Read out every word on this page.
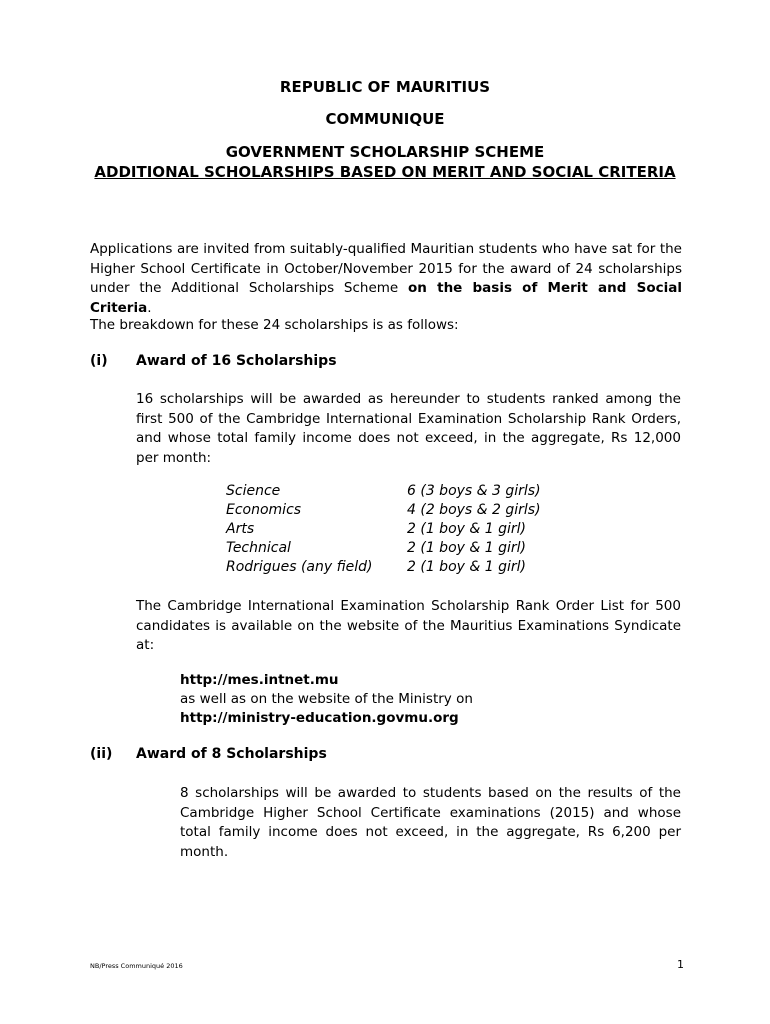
REPUBLIC OF MAURITIUS
COMMUNIQUE
GOVERNMENT SCHOLARSHIP SCHEME
ADDITIONAL SCHOLARSHIPS BASED ON MERIT AND SOCIAL CRITERIA
Applications are invited from suitably-qualified Mauritian students who have sat for the Higher School Certificate in October/November 2015 for the award of 24 scholarships under the Additional Scholarships Scheme on the basis of Merit and Social Criteria.
The breakdown for these 24 scholarships is as follows:
(i) Award of 16 Scholarships
16 scholarships will be awarded as hereunder to students ranked among the first 500 of the Cambridge International Examination Scholarship Rank Orders, and whose total family income does not exceed, in the aggregate, Rs 12,000 per month:
Science	6 (3 boys & 3 girls)
Economics	4 (2 boys & 2 girls)
Arts	2 (1 boy & 1 girl)
Technical	2 (1 boy & 1 girl)
Rodrigues (any field)	2 (1 boy & 1 girl)
The Cambridge International Examination Scholarship Rank Order List for 500 candidates is available on the website of the Mauritius Examinations Syndicate at:
http://mes.intnet.mu
as well as on the website of the Ministry on
http://ministry-education.govmu.org
(ii) Award of 8 Scholarships
8 scholarships will be awarded to students based on the results of the Cambridge Higher School Certificate examinations (2015) and whose total family income does not exceed, in the aggregate, Rs 6,200 per month.
NB/Press Communiqué 2016	1
